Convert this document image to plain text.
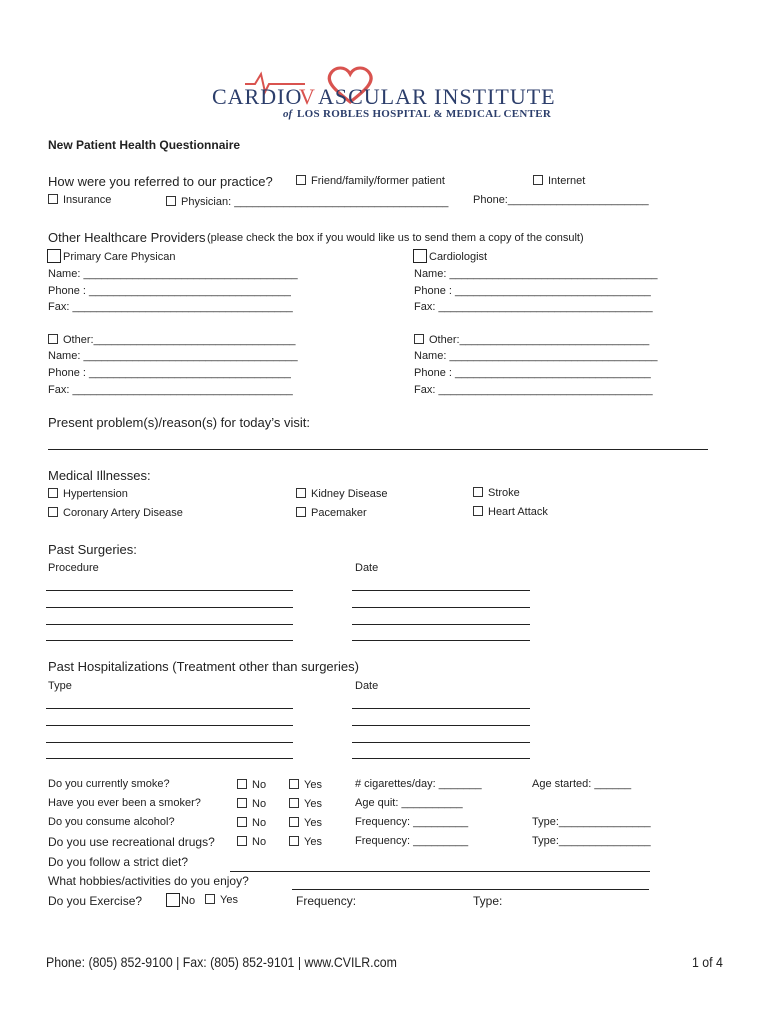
CARDIO
V ASCULAR INSTITUTE
of LOS ROBLES HOSPITAL & MEDICAL CENTER
New Patient Health Questionnaire
How were you referred to our practice?	Friend/family/former patient	Internet
Insurance	Physician: ___________________________________ Phone:_______________________
Other Healthcare Providers (please check the box if you would like us to send them a copy of the consult)
Primary Care Physican	Cardiologist
Name: ___________________________________
Phone : _________________________________
Fax: ____________________________________
Name: __________________________________
Phone : ________________________________
Fax: ___________________________________
Other:_________________________________
Name: ___________________________________
Phone : _________________________________
Fax: ____________________________________
Other:_______________________________
Name: __________________________________
Phone : ________________________________
Fax: ___________________________________
Present problem(s)/reason(s) for today’s visit:
Medical Illnesses:
Hypertension	Kidney Disease	Stroke
Coronary Artery Disease	Pacemaker	Heart Attack
Past Surgeries:
Procedure	Date
Past Hospitalizations (Treatment other than surgeries)
Type	Date
Do you currently smoke?	No	Yes	# cigarettes/day: _______	Age started: ______
Have you ever been a smoker?	No	Yes	Age quit: __________
Do you consume alcohol?	No	Yes	Frequency: _________	Type:_______________
Do you use recreational drugs?	No	Yes	Frequency: _________	Type:_______________
Do you follow a strict diet?
What hobbies/activities do you enjoy?
Do you Exercise?	No	Yes	Frequency:	Type:
Phone: (805) 852-9100 | Fax: (805) 852-9101 | www.CVILR.com	1 of 4
